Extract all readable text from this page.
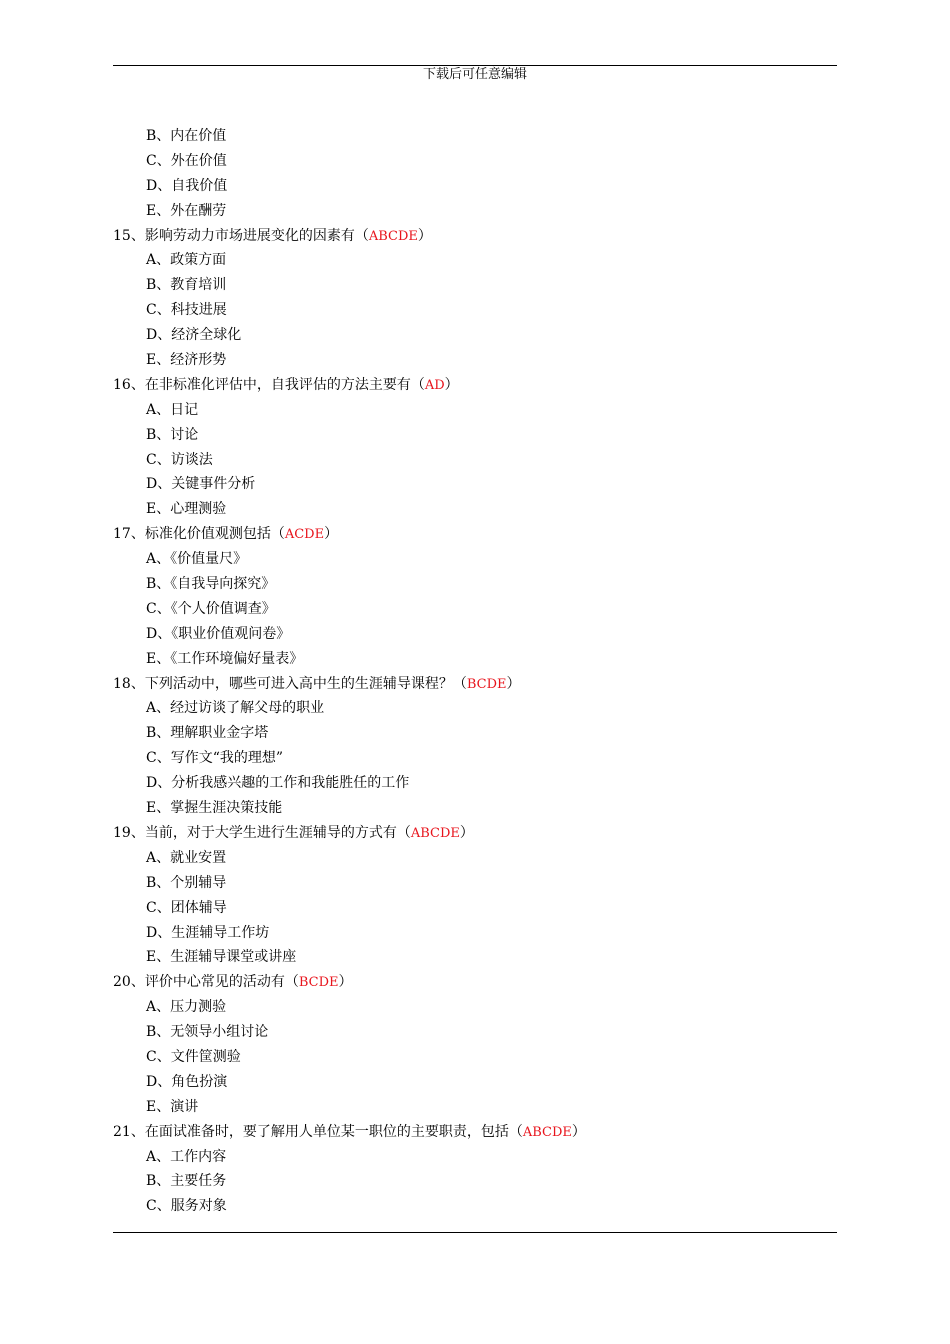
下载后可任意编辑
B、内在价值
C、外在价值
D、自我价值
E、外在酬劳
15、影响劳动力市场进展变化的因素有（ABCDE）
A、政策方面
B、教育培训
C、科技进展
D、经济全球化
E、经济形势
16、在非标准化评估中，自我评估的方法主要有（AD）
A、日记
B、讨论
C、访谈法
D、关键事件分析
E、心理测验
17、标准化价值观测包括（ACDE）
A、《价值量尺》
B、《自我导向探究》
C、《个人价值调查》
D、《职业价值观问卷》
E、《工作环境偏好量表》
18、下列活动中，哪些可进入高中生的生涯辅导课程？（BCDE）
A、经过访谈了解父母的职业
B、理解职业金字塔
C、写作文“我的理想”
D、分析我感兴趣的工作和我能胜任的工作
E、掌握生涯决策技能
19、当前，对于大学生进行生涯辅导的方式有（ABCDE）
A、就业安置
B、个别辅导
C、团体辅导
D、生涯辅导工作坊
E、生涯辅导课堂或讲座
20、评价中心常见的活动有（BCDE）
A、压力测验
B、无领导小组讨论
C、文件筐测验
D、角色扮演
E、演讲
21、在面试准备时，要了解用人单位某一职位的主要职责，包括（ABCDE）
A、工作内容
B、主要任务
C、服务对象
